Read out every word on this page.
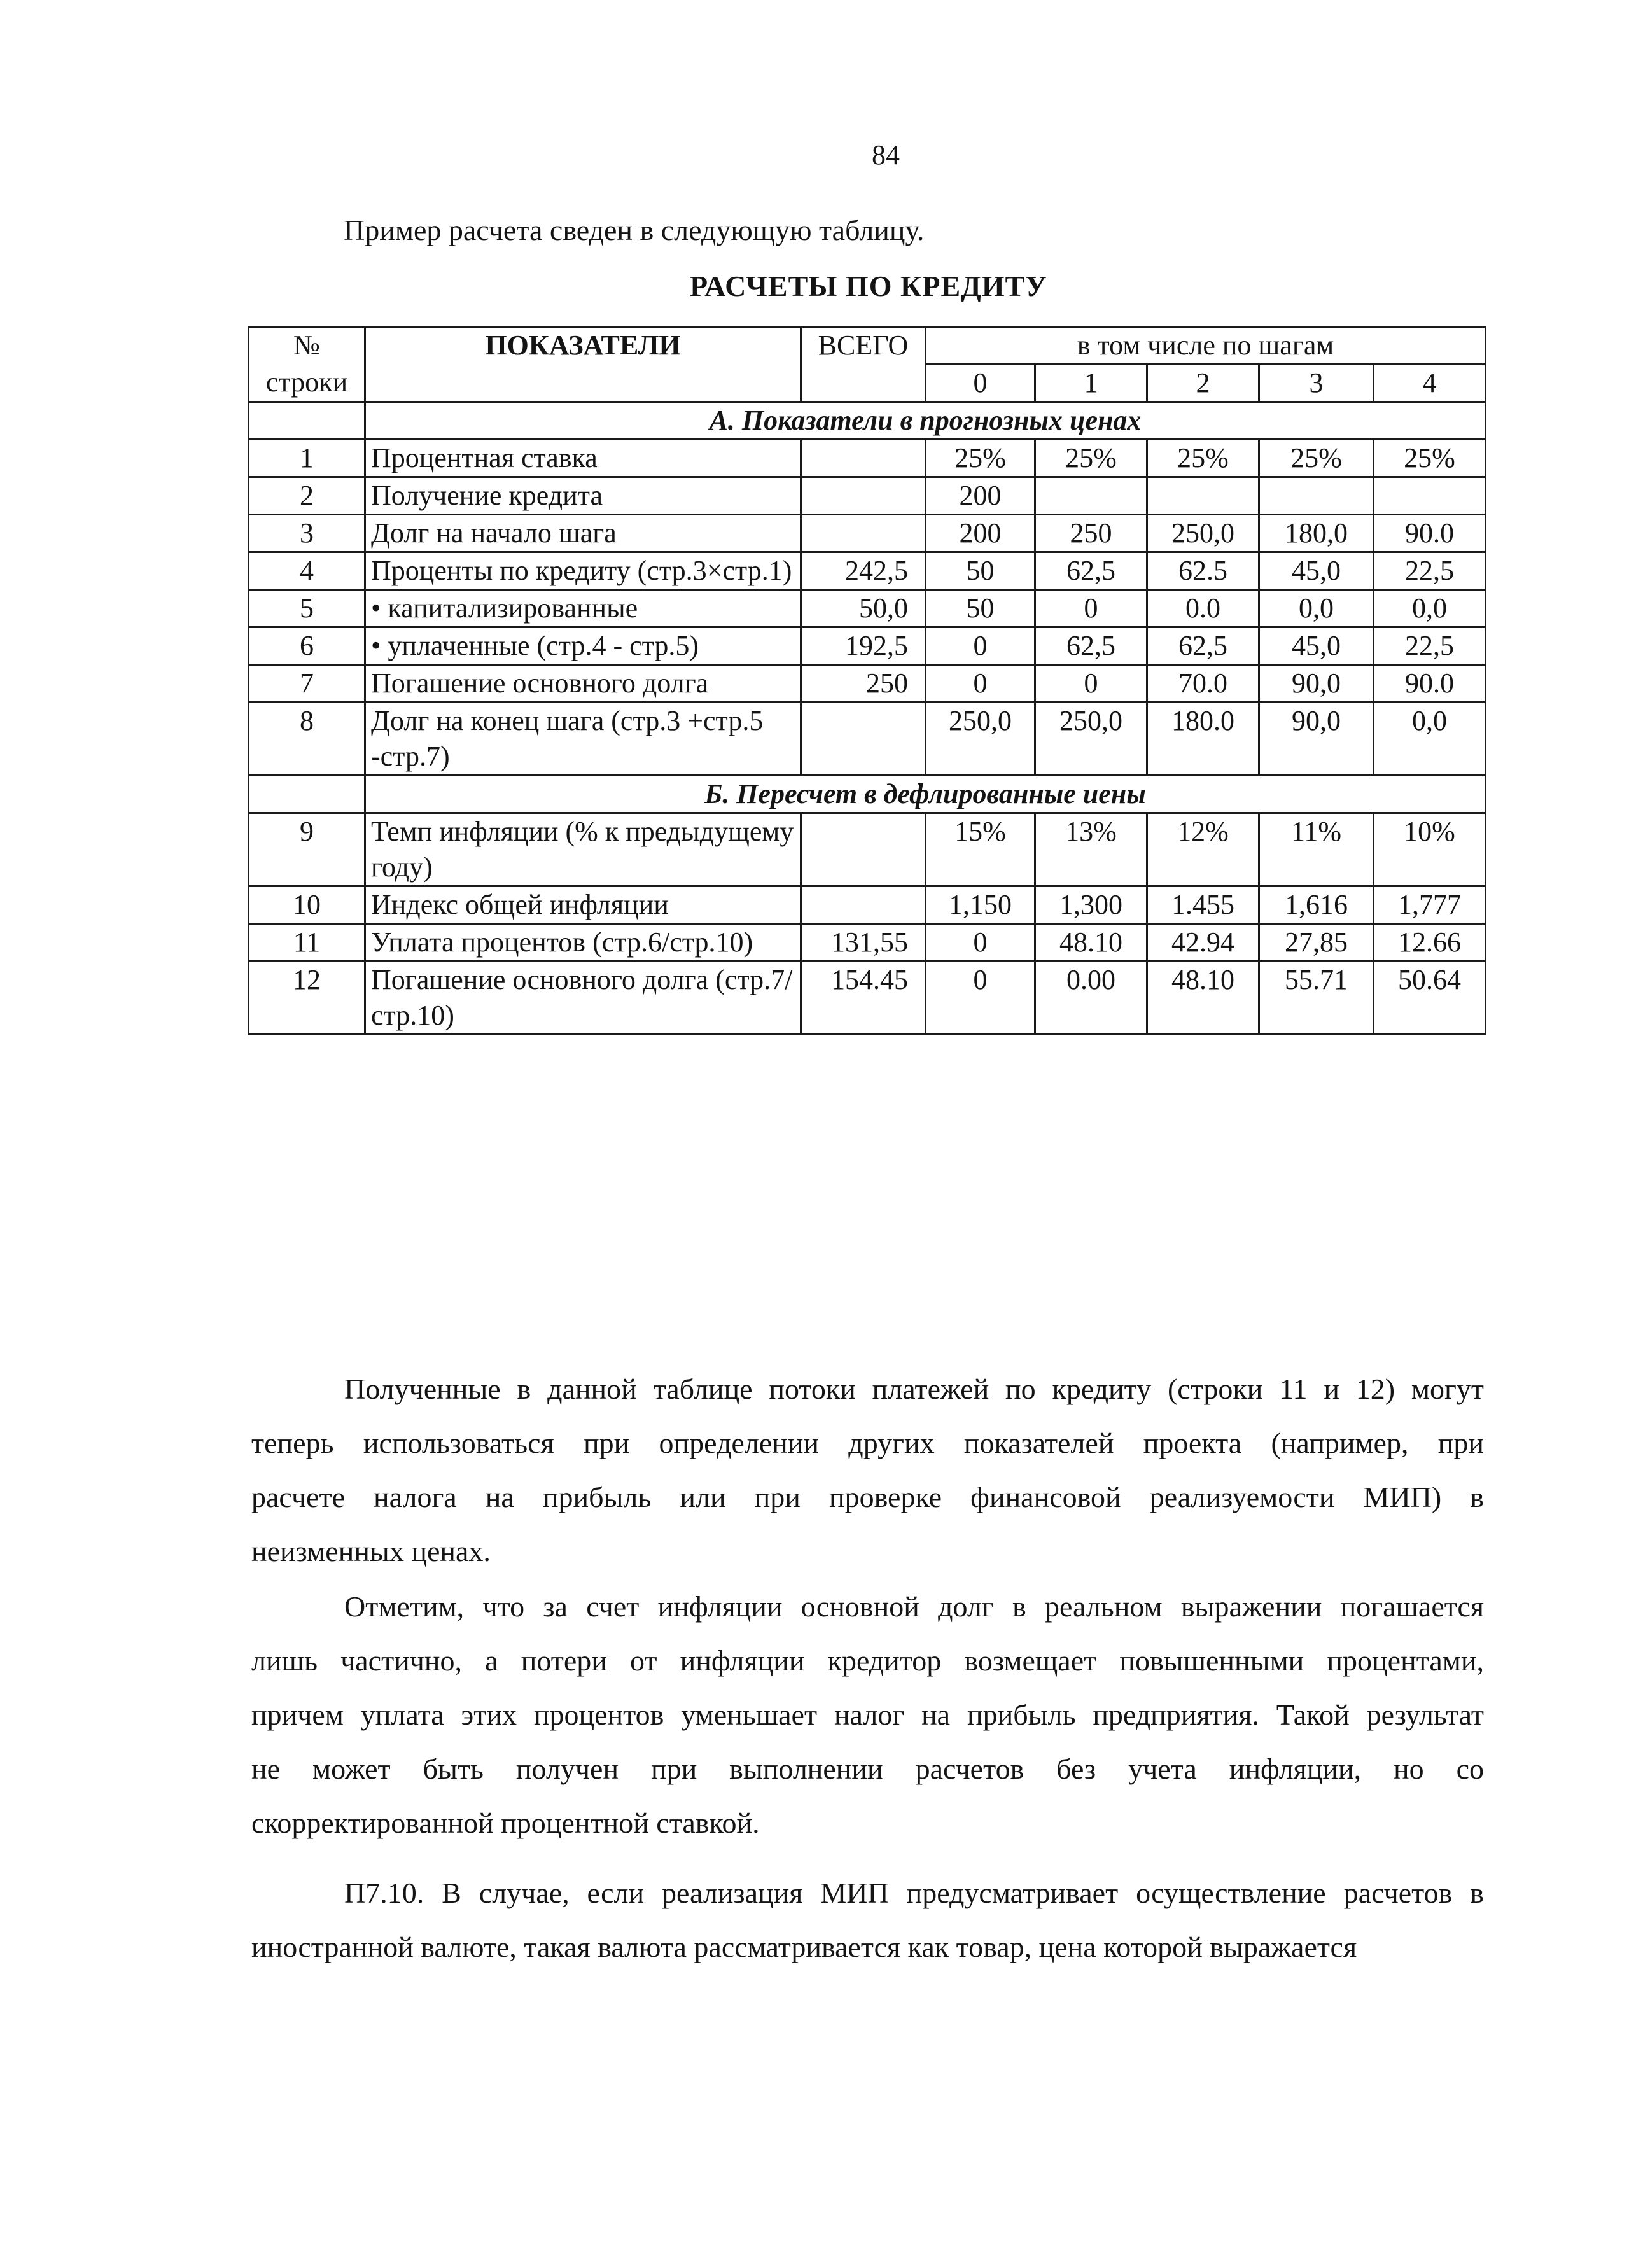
84
Пример расчета сведен в следующую таблицу.
РАСЧЕТЫ ПО КРЕДИТУ
№	ПОКАЗАТЕЛИ	ВСЕГО	в том числе по шагам				
строки			0	1	2	3	4
	А. Показатели в прогнозных ценах						
1	Процентная ставка		25%	25%	25%	25%	25%
2	Получение кредита		200				
3	Долг на начало шага		200	250	250,0	180,0	90.0
4	Проценты по кредиту (стр.3×стр.1)	242,5	50	62,5	62.5	45,0	22,5
5	• капитализированные	50,0	50	0	0.0	0,0	0,0
6	• уплаченные (стр.4 - стр.5)	192,5	0	62,5	62,5	45,0	22,5
7	Погашение основного долга	250	0	0	70.0	90,0	90.0
8	Долг на конец шага (стр.3 +стр.5 -стр.7)		250,0	250,0	180.0	90,0	0,0
	Б. Пересчет в дефлированные иены						
9	Темп инфляции (% к предыдущему году)		15%	13%	12%	11%	10%
10	Индекс общей инфляции		1,150	1,300	1.455	1,616	1,777
11	Уплата процентов (стр.6/стр.10)	131,55	0	48.10	42.94	27,85	12.66
12	Погашение основного долга (стр.7/стр.10)	154.45	0	0.00	48.10	55.71	50.64
Полученные в данной таблице потоки платежей по кредиту (строки 11 и 12) могут
теперь использоваться при определении других показателей проекта (например, при
расчете налога на прибыль или при проверке финансовой реализуемости МИП) в
неизменных ценах.
Отметим, что за счет инфляции основной долг в реальном выражении погашается
лишь частично, а потери от инфляции кредитор возмещает повышенными процентами,
причем уплата этих процентов уменьшает налог на прибыль предприятия. Такой результат
не может быть получен при выполнении расчетов без учета инфляции, но со
скорректированной процентной ставкой.
П7.10. В случае, если реализация МИП предусматривает осуществление расчетов в
иностранной валюте, такая валюта рассматривается как товар, цена которой выражается
